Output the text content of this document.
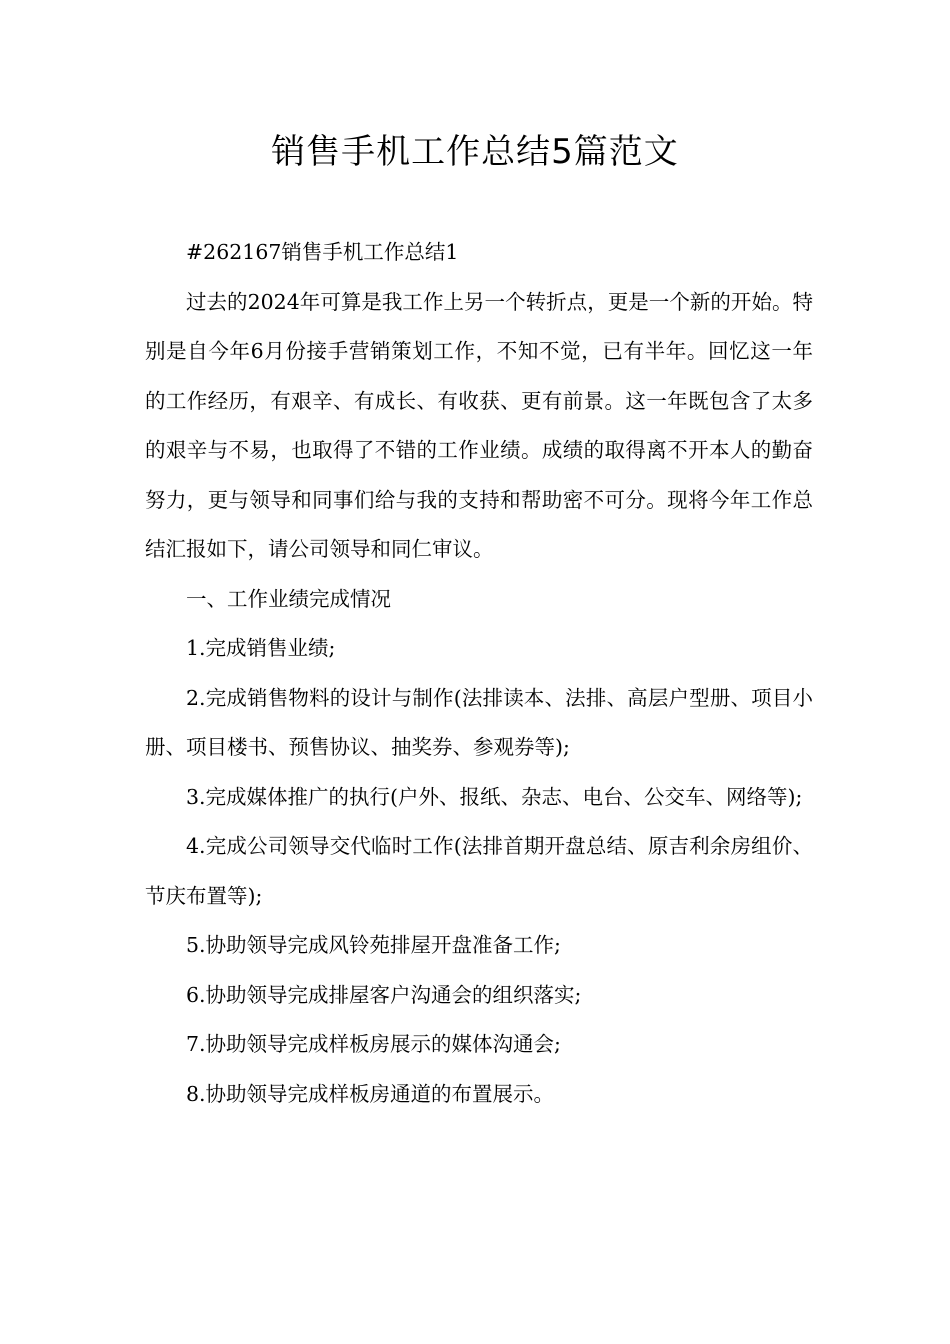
销售手机工作总结5篇范文

#262167销售手机工作总结1

过去的2024年可算是我工作上另一个转折点，更是一个新的开始。特别是自今年6月份接手营销策划工作，不知不觉，已有半年。回忆这一年的工作经历，有艰辛、有成长、有收获、更有前景。这一年既包含了太多的艰辛与不易，也取得了不错的工作业绩。成绩的取得离不开本人的勤奋努力，更与领导和同事们给与我的支持和帮助密不可分。现将今年工作总结汇报如下，请公司领导和同仁审议。

一、工作业绩完成情况

1.完成销售业绩;

2.完成销售物料的设计与制作(法排读本、法排、高层户型册、项目小册、项目楼书、预售协议、抽奖券、参观券等);

3.完成媒体推广的执行(户外、报纸、杂志、电台、公交车、网络等);

4.完成公司领导交代临时工作(法排首期开盘总结、原吉利余房组价、节庆布置等);

5.协助领导完成风铃苑排屋开盘准备工作;

6.协助领导完成排屋客户沟通会的组织落实;

7.协助领导完成样板房展示的媒体沟通会;

8.协助领导完成样板房通道的布置展示。
